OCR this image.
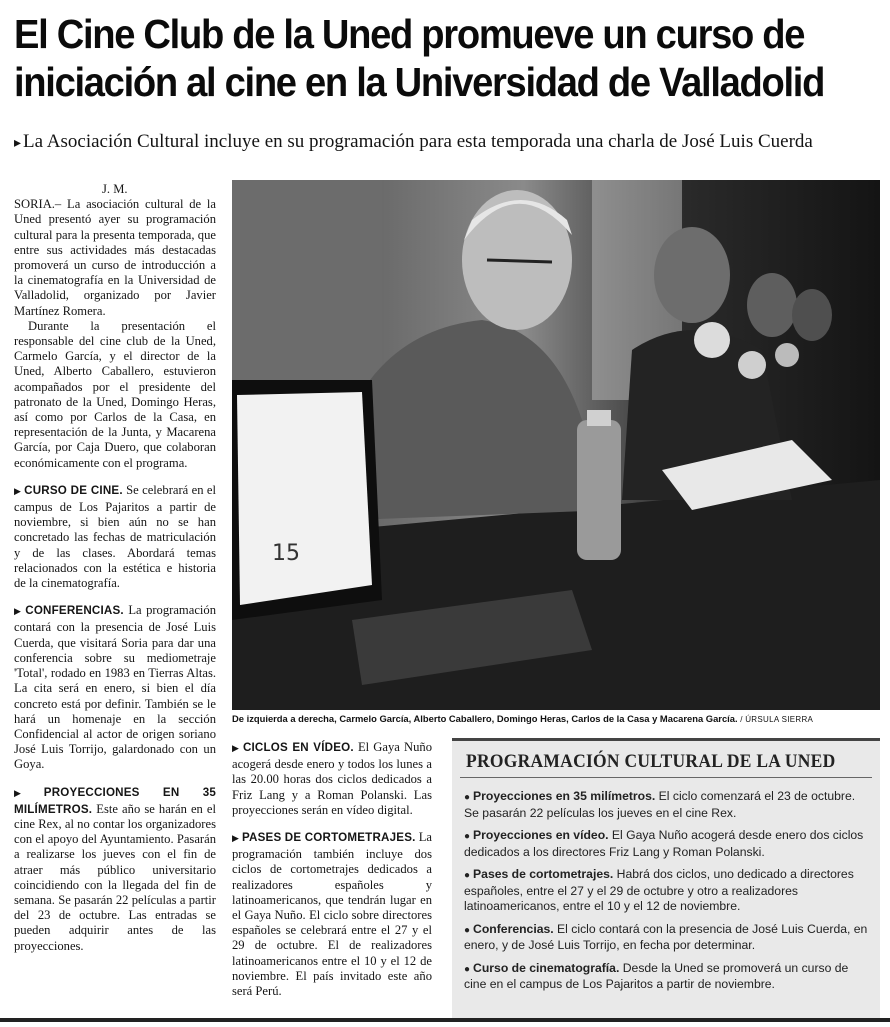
El Cine Club de la Uned promueve un curso de
iniciación al cine en la Universidad de Valladolid
▸ La Asociación Cultural incluye en su programación para esta temporada una charla de José Luis Cuerda

J. M.

SORIA.– La asociación cultural de la Uned presentó ayer su programación cultural para la presenta temporada, que entre sus actividades más destacadas promoverá un curso de introducción a la cinematografía en la Universidad de Valladolid, organizado por Javier Martínez Romera.

Durante la presentación el responsable del cine club de la Uned, Carmelo García, y el director de la Uned, Alberto Caballero, estuvieron acompañados por el presidente del patronato de la Uned, Domingo Heras, así como por Carlos de la Casa, en representación de la Junta, y Macarena García, por Caja Duero, que colaboran económicamente con el programa.

▶ CURSO DE CINE. Se celebrará en el campus de Los Pajaritos a partir de noviembre, si bien aún no se han concretado las fechas de matriculación y de las clases. Abordará temas relacionados con la estética e historia de la cinematografía.

▶ CONFERENCIAS. La programación contará con la presencia de José Luis Cuerda, que visitará Soria para dar una conferencia sobre su mediometraje 'Total', rodado en 1983 en Tierras Altas. La cita será en enero, si bien el día concreto está por definir. También se le hará un homenaje en la sección Confidencial al actor de origen soriano José Luis Torrijo, galardonado con un Goya.

▶ PROYECCIONES EN 35 MILÍMETROS. Este año se harán en el cine Rex, al no contar los organizadores con el apoyo del Ayuntamiento. Pasarán a realizarse los jueves con el fin de atraer más público universitario coincidiendo con la llegada del fin de semana. Se pasarán 22 películas a partir del 23 de octubre. Las entradas se pueden adquirir antes de las proyecciones.

15
De izquierda a derecha, Carmelo García, Alberto Caballero, Domingo Heras, Carlos de la Casa y Macarena García. / ÚRSULA SIERRA

▶ CICLOS EN VÍDEO. El Gaya Nuño acogerá desde enero y todos los lunes a las 20.00 horas dos ciclos dedicados a Friz Lang y a Roman Polanski. Las proyecciones serán en vídeo digital.

▶ PASES DE CORTOMETRAJES. La programación también incluye dos ciclos de cortometrajes dedicados a realizadores españoles y latinoamericanos, que tendrán lugar en el Gaya Nuño. El ciclo sobre directores españoles se celebrará entre el 27 y el 29 de octubre. El de realizadores latinoamericanos entre el 10 y el 12 de noviembre. El país invitado este año será Perú.

PROGRAMACIÓN CULTURAL DE LA UNED

● Proyecciones en 35 milímetros. El ciclo comenzará el 23 de octubre. Se pasarán 22 películas los jueves en el cine Rex.

● Proyecciones en vídeo. El Gaya Nuño acogerá desde enero dos ciclos dedicados a los directores Friz Lang y Roman Polanski.

● Pases de cortometrajes. Habrá dos ciclos, uno dedicado a directores españoles, entre el 27 y el 29 de octubre y otro a realizadores latinoamericanos, entre el 10 y el 12 de noviembre.

● Conferencias. El ciclo contará con la presencia de José Luis Cuerda, en enero, y de José Luis Torrijo, en fecha por determinar.

● Curso de cinematografía. Desde la Uned se promoverá un curso de cine en el campus de Los Pajaritos a partir de noviembre.
